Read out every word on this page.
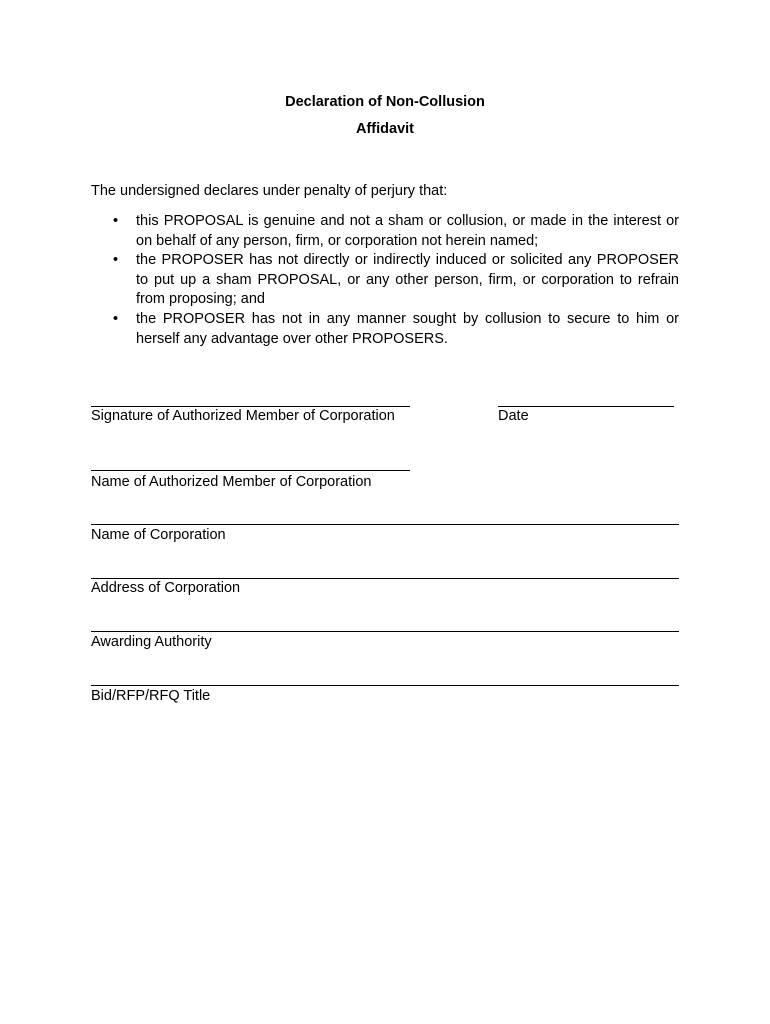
Declaration of Non-Collusion
Affidavit
The undersigned declares under penalty of perjury that:
• this PROPOSAL is genuine and not a sham or collusion, or made in the interest or on behalf of any person, firm, or corporation not herein named;
• the PROPOSER has not directly or indirectly induced or solicited any PROPOSER to put up a sham PROPOSAL, or any other person, firm, or corporation to refrain from proposing; and
• the PROPOSER has not in any manner sought by collusion to secure to him or herself any advantage over other PROPOSERS.
Signature of Authorized Member of Corporation	Date
Name of Authorized Member of Corporation
Name of Corporation
Address of Corporation
Awarding Authority
Bid/RFP/RFQ Title
